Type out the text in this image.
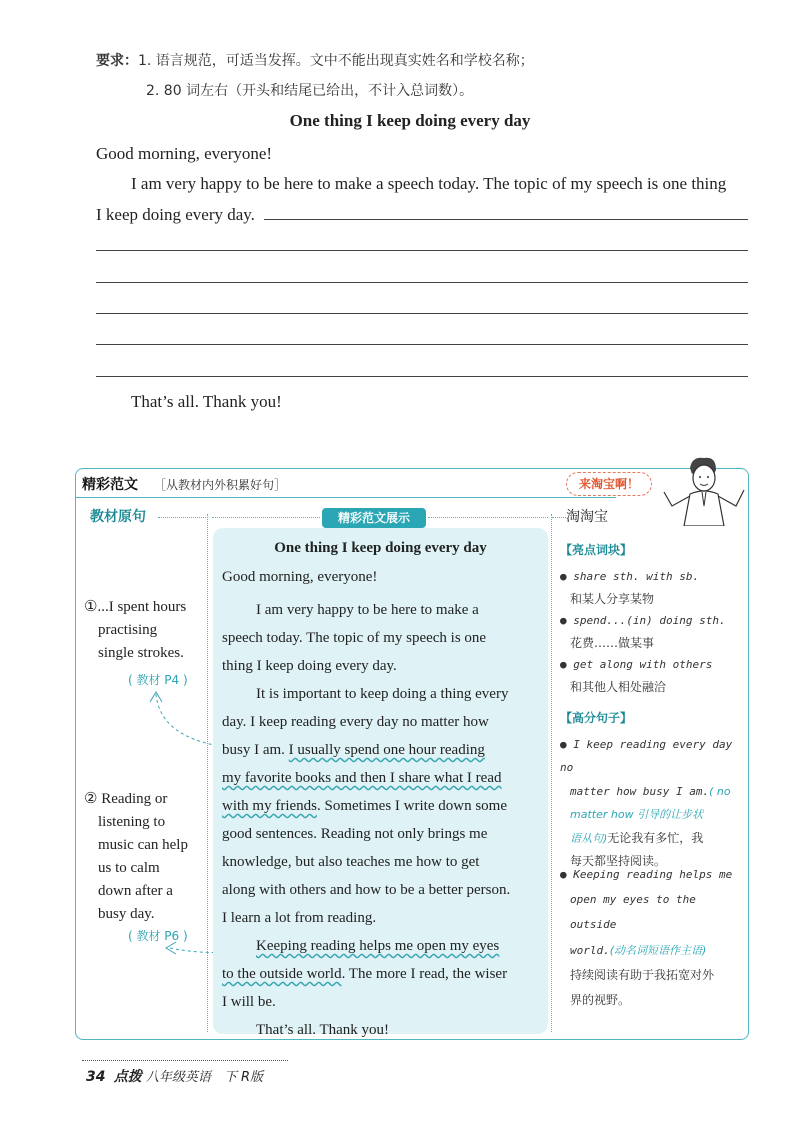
要求：1. 语言规范，可适当发挥。文中不能出现真实姓名和学校名称；
2. 80 词左右（开头和结尾已给出，不计入总词数）。
One thing I keep doing every day
Good morning, everyone!
I am very happy to be here to make a speech today. The topic of my speech is one thing
I keep doing every day.
That’s all. Thank you!
精彩范文 ［从教材内外积累好句］	来淘宝啊！
教材原句
①...I spent hours
practising
single strokes.
( 教材 P4 )
② Reading or
listening to
music can help
us to calm
down after a
busy day.
( 教材 P6 )
精彩范文展示
One thing I keep doing every day
Good morning, everyone!
I am very happy to be here to make a
speech today. The topic of my speech is one
thing I keep doing every day.
It is important to keep doing a thing every
day. I keep reading every day no matter how
busy I am. I usually spend one hour reading
my favorite books and then I share what I read
with my friends. Sometimes I write down some
good sentences. Reading not only brings me
knowledge, but also teaches me how to get
along with others and how to be a better person.
I learn a lot from reading.
Keeping reading helps me open my eyes
to the outside world. The more I read, the wiser
I will be.
That’s all. Thank you!
淘淘宝
【亮点词块】
● share sth. with sb.
和某人分享某物
● spend...(in) doing sth.
花费……做某事
● get along with others
和其他人相处融洽
【高分句子】
● I keep reading every day no
matter how busy I am.( no
matter how 引导的让步状
语从句)无论我有多忙，我
每天都坚持阅读。
● Keeping reading helps me
open my eyes to the outside
world.(动名词短语作主语)
持续阅读有助于我拓宽对外
界的视野。
34 点拨 八年级英语　下 R版
